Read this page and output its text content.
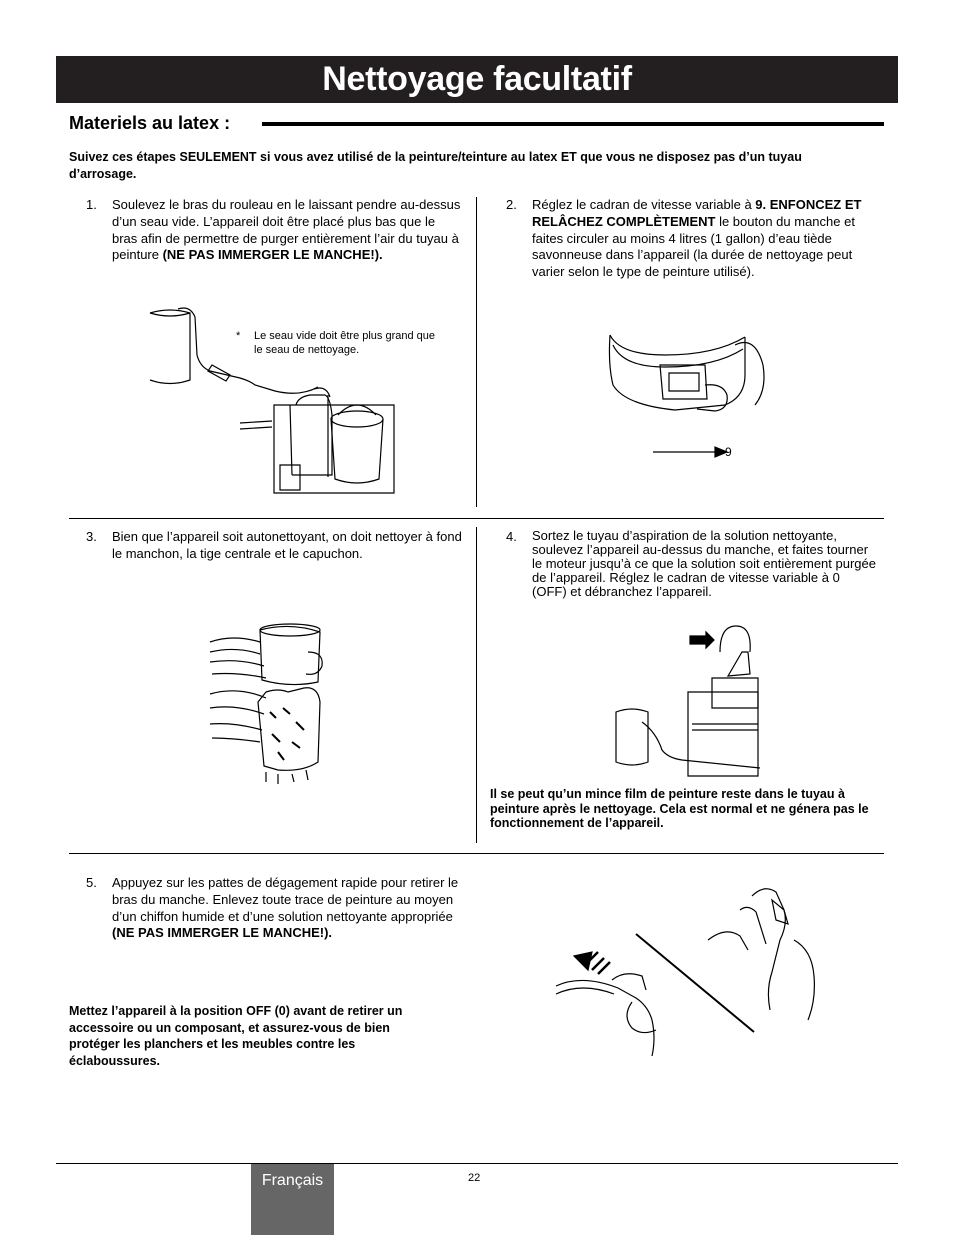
Nettoyage facultatif
Materiels au latex :
Suivez ces étapes SEULEMENT si vous avez utilisé de la peinture/teinture au latex ET que vous ne disposez pas d’un tuyau d’arrosage.
1. Soulevez le bras du rouleau en le laissant pendre au-dessus d’un seau vide. L’appareil doit être placé plus bas que le bras afin de permettre de purger entièrement l’air du tuyau à peinture (NE PAS IMMERGER LE MANCHE!).
* Le seau vide doit être plus grand que le seau de nettoyage.
2. Réglez le cadran de vitesse variable à 9. ENFONCEZ ET RELÂCHEZ COMPLÈTEMENT le bouton du manche et faites circuler au moins 4 litres (1 gallon) d’eau tiède savonneuse dans l’appareil (la durée de nettoyage peut varier selon le type de peinture utilisé).
9
3. Bien que l’appareil soit autonettoyant, on doit nettoyer à fond le manchon, la tige centrale et le capuchon.
4. Sortez le tuyau d’aspiration de la solution nettoyante, soulevez l’appareil au-dessus du manche, et faites tourner le moteur jusqu’à ce que la solution soit entièrement purgée de l’appareil. Réglez le cadran de vitesse variable à 0 (OFF) et débranchez l’appareil.
Il se peut qu’un mince film de peinture reste dans le tuyau à peinture après le nettoyage. Cela est normal et ne génera pas le fonctionnement de l’appareil.
5. Appuyez sur les pattes de dégagement rapide pour retirer le bras du manche. Enlevez toute trace de peinture au moyen d’un chiffon humide et d’une solution nettoyante appropriée (NE PAS IMMERGER LE MANCHE!).
Mettez l’appareil à la position OFF (0) avant de retirer un accessoire ou un composant, et assurez-vous de bien protéger les planchers et les meubles contre les éclaboussures.
Français	22
